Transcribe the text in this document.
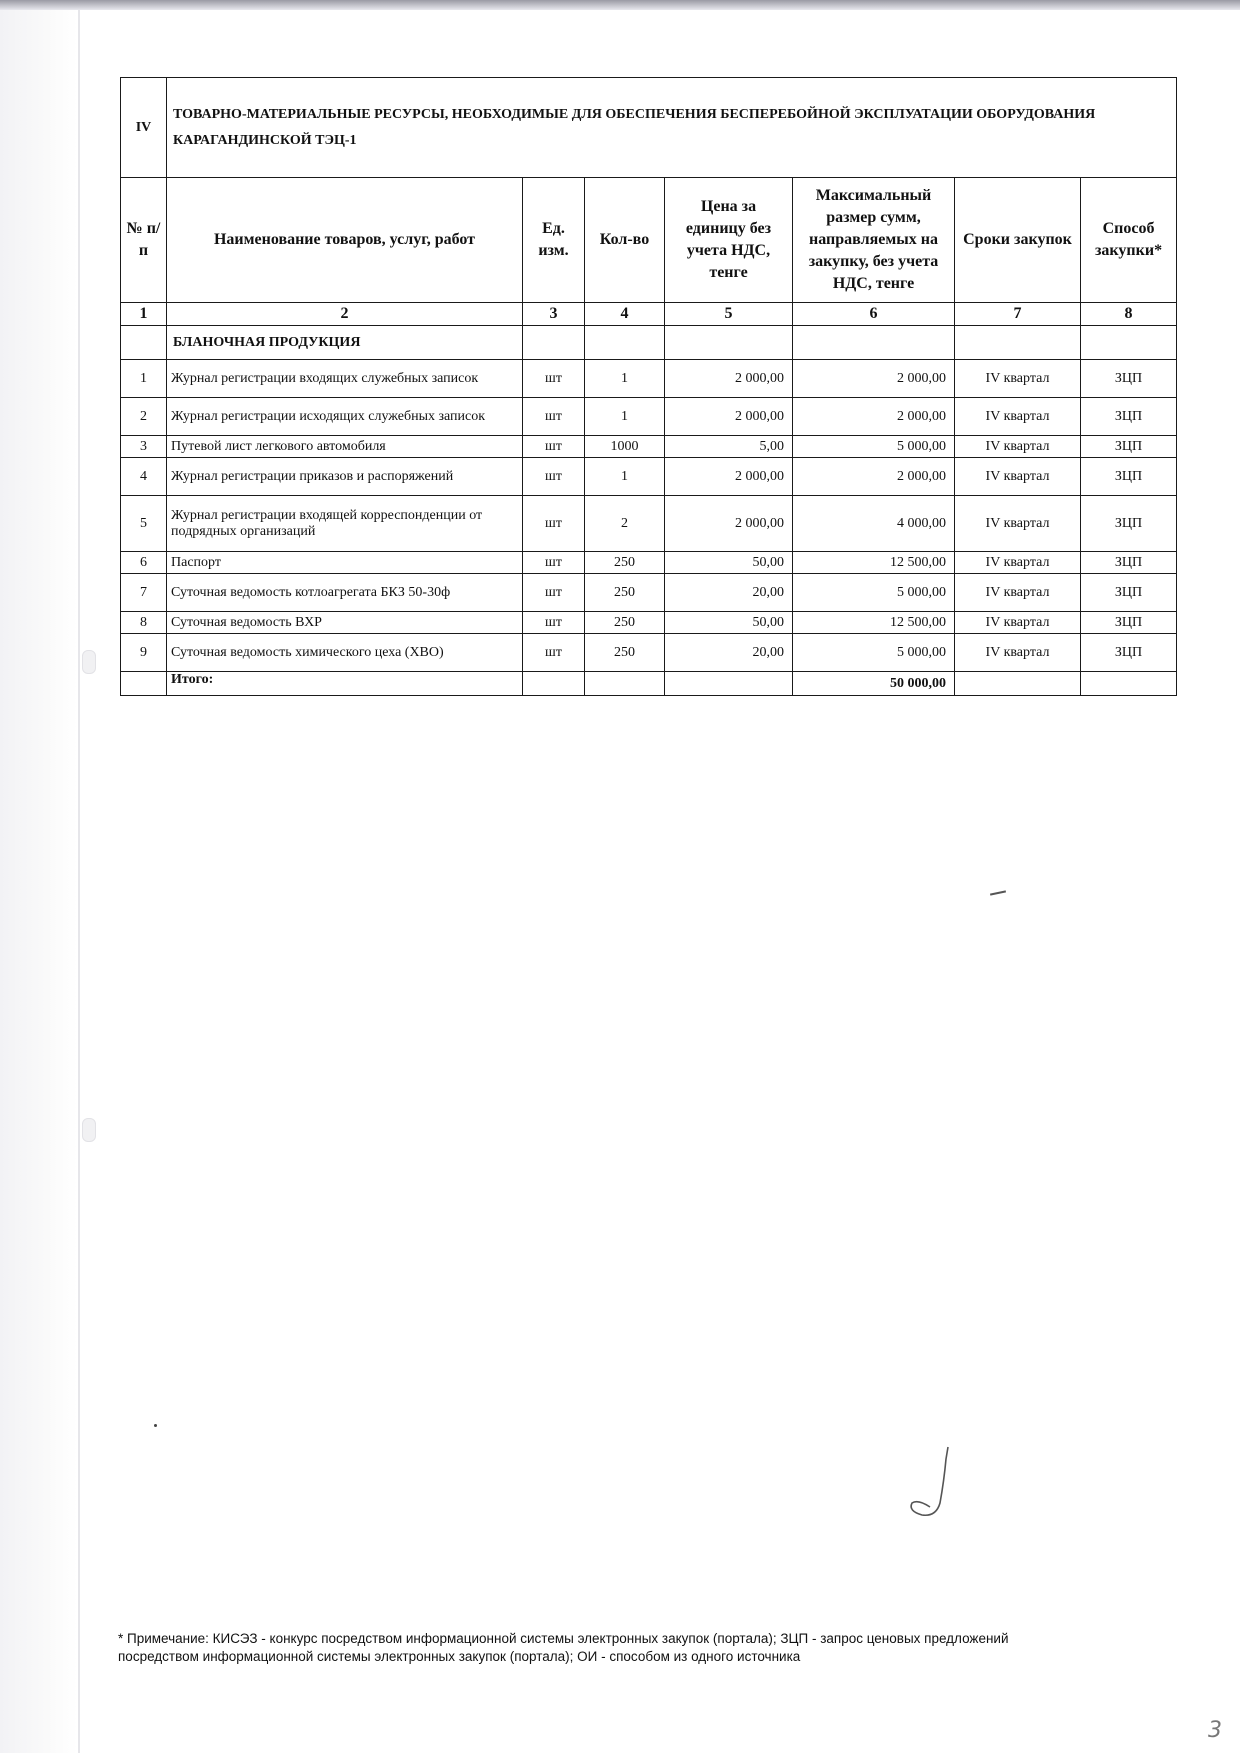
IV	ТОВАРНО-МАТЕРИАЛЬНЫЕ РЕСУРСЫ, НЕОБХОДИМЫЕ ДЛЯ ОБЕСПЕЧЕНИЯ БЕСПЕРЕБОЙНОЙ ЭКСПЛУАТАЦИИ ОБОРУДОВАНИЯ КАРАГАНДИНСКОЙ ТЭЦ-1						
№ п/п	Наименование товаров, услуг, работ	Ед. изм.	Кол-во	Цена за единицу без учета НДС, тенге	Максимальный размер сумм, направляемых на закупку, без учета НДС, тенге	Сроки закупок	Способ закупки*
1	2	3	4	5	6	7	8
	БЛАНОЧНАЯ ПРОДУКЦИЯ						
1	Журнал регистрации входящих служебных записок	шт	1	2 000,00	2 000,00	IV квартал	ЗЦП
2	Журнал регистрации исходящих служебных записок	шт	1	2 000,00	2 000,00	IV квартал	ЗЦП
3	Путевой лист легкового автомобиля	шт	1000	5,00	5 000,00	IV квартал	ЗЦП
4	Журнал регистрации приказов и распоряжений	шт	1	2 000,00	2 000,00	IV квартал	ЗЦП
5	Журнал регистрации входящей корреспонденции от подрядных организаций	шт	2	2 000,00	4 000,00	IV квартал	ЗЦП
6	Паспорт	шт	250	50,00	12 500,00	IV квартал	ЗЦП
7	Суточная ведомость котлоагрегата БКЗ 50-30ф	шт	250	20,00	5 000,00	IV квартал	ЗЦП
8	Суточная ведомость ВХР	шт	250	50,00	12 500,00	IV квартал	ЗЦП
9	Суточная ведомость химического цеха (ХВО)	шт	250	20,00	5 000,00	IV квартал	ЗЦП
	Итого:				50 000,00		
* Примечание: КИСЭЗ - конкурс посредством информационной системы электронных закупок (портала); ЗЦП - запрос ценовых предложений посредством информационной системы электронных закупок (портала); ОИ - способом из одного источника
3
